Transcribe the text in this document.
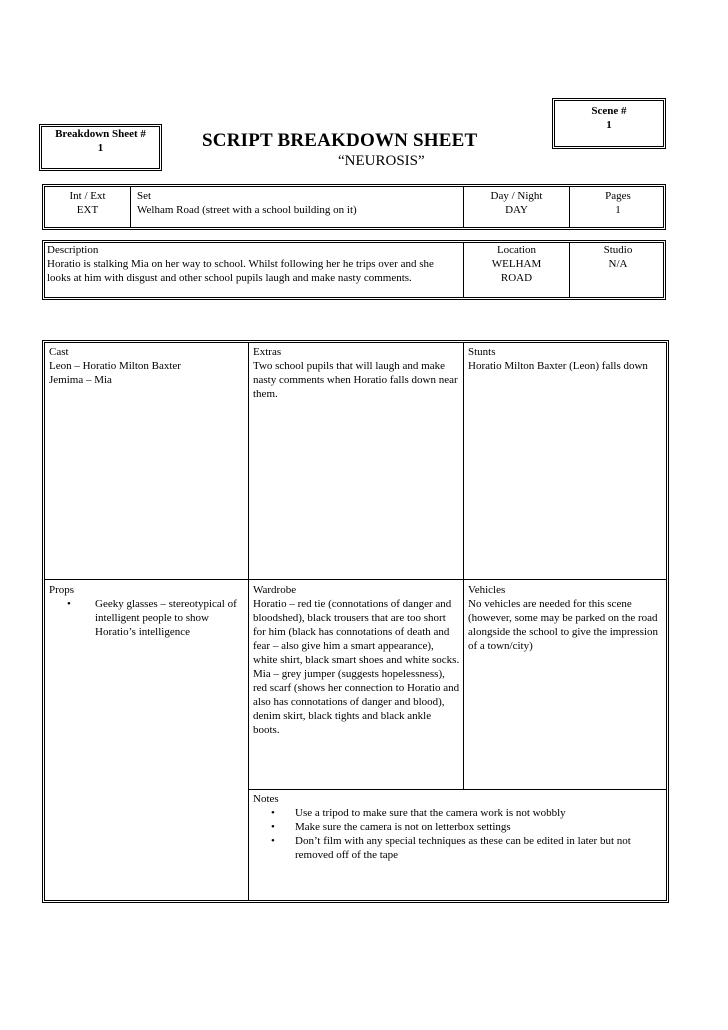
Breakdown Sheet #
1	SCRIPT BREAKDOWN SHEET
“NEUROSIS”
Scene #
1
Int / Ext
EXT
Set
Welham Road (street with a school building on it)
Day / Night
DAY
Pages
1
Description
Horatio is stalking Mia on her way to school. Whilst following her he trips over and she looks at him with disgust and other school pupils laugh and make nasty comments.
Location
WELHAM
ROAD
Studio
N/A
Cast
Leon – Horatio Milton Baxter
Jemima – Mia
Extras
Two school pupils that will laugh and make nasty comments when Horatio falls down near them.
Stunts
Horatio Milton Baxter (Leon) falls down
Props
• Geeky glasses – stereotypical of intelligent people to show Horatio’s intelligence
Wardrobe
Horatio – red tie (connotations of danger and bloodshed), black trousers that are too short for him (black has connotations of death and fear – also give him a smart appearance), white shirt, black smart shoes and white socks.
Mia – grey jumper (suggests hopelessness), red scarf (shows her connection to Horatio and also has connotations of danger and blood), denim skirt, black tights and black ankle boots.
Vehicles
No vehicles are needed for this scene (however, some may be parked on the road alongside the school to give the impression of a town/city)
Notes
• Use a tripod to make sure that the camera work is not wobbly
• Make sure the camera is not on letterbox settings
• Don’t film with any special techniques as these can be edited in later but not removed off of the tape
